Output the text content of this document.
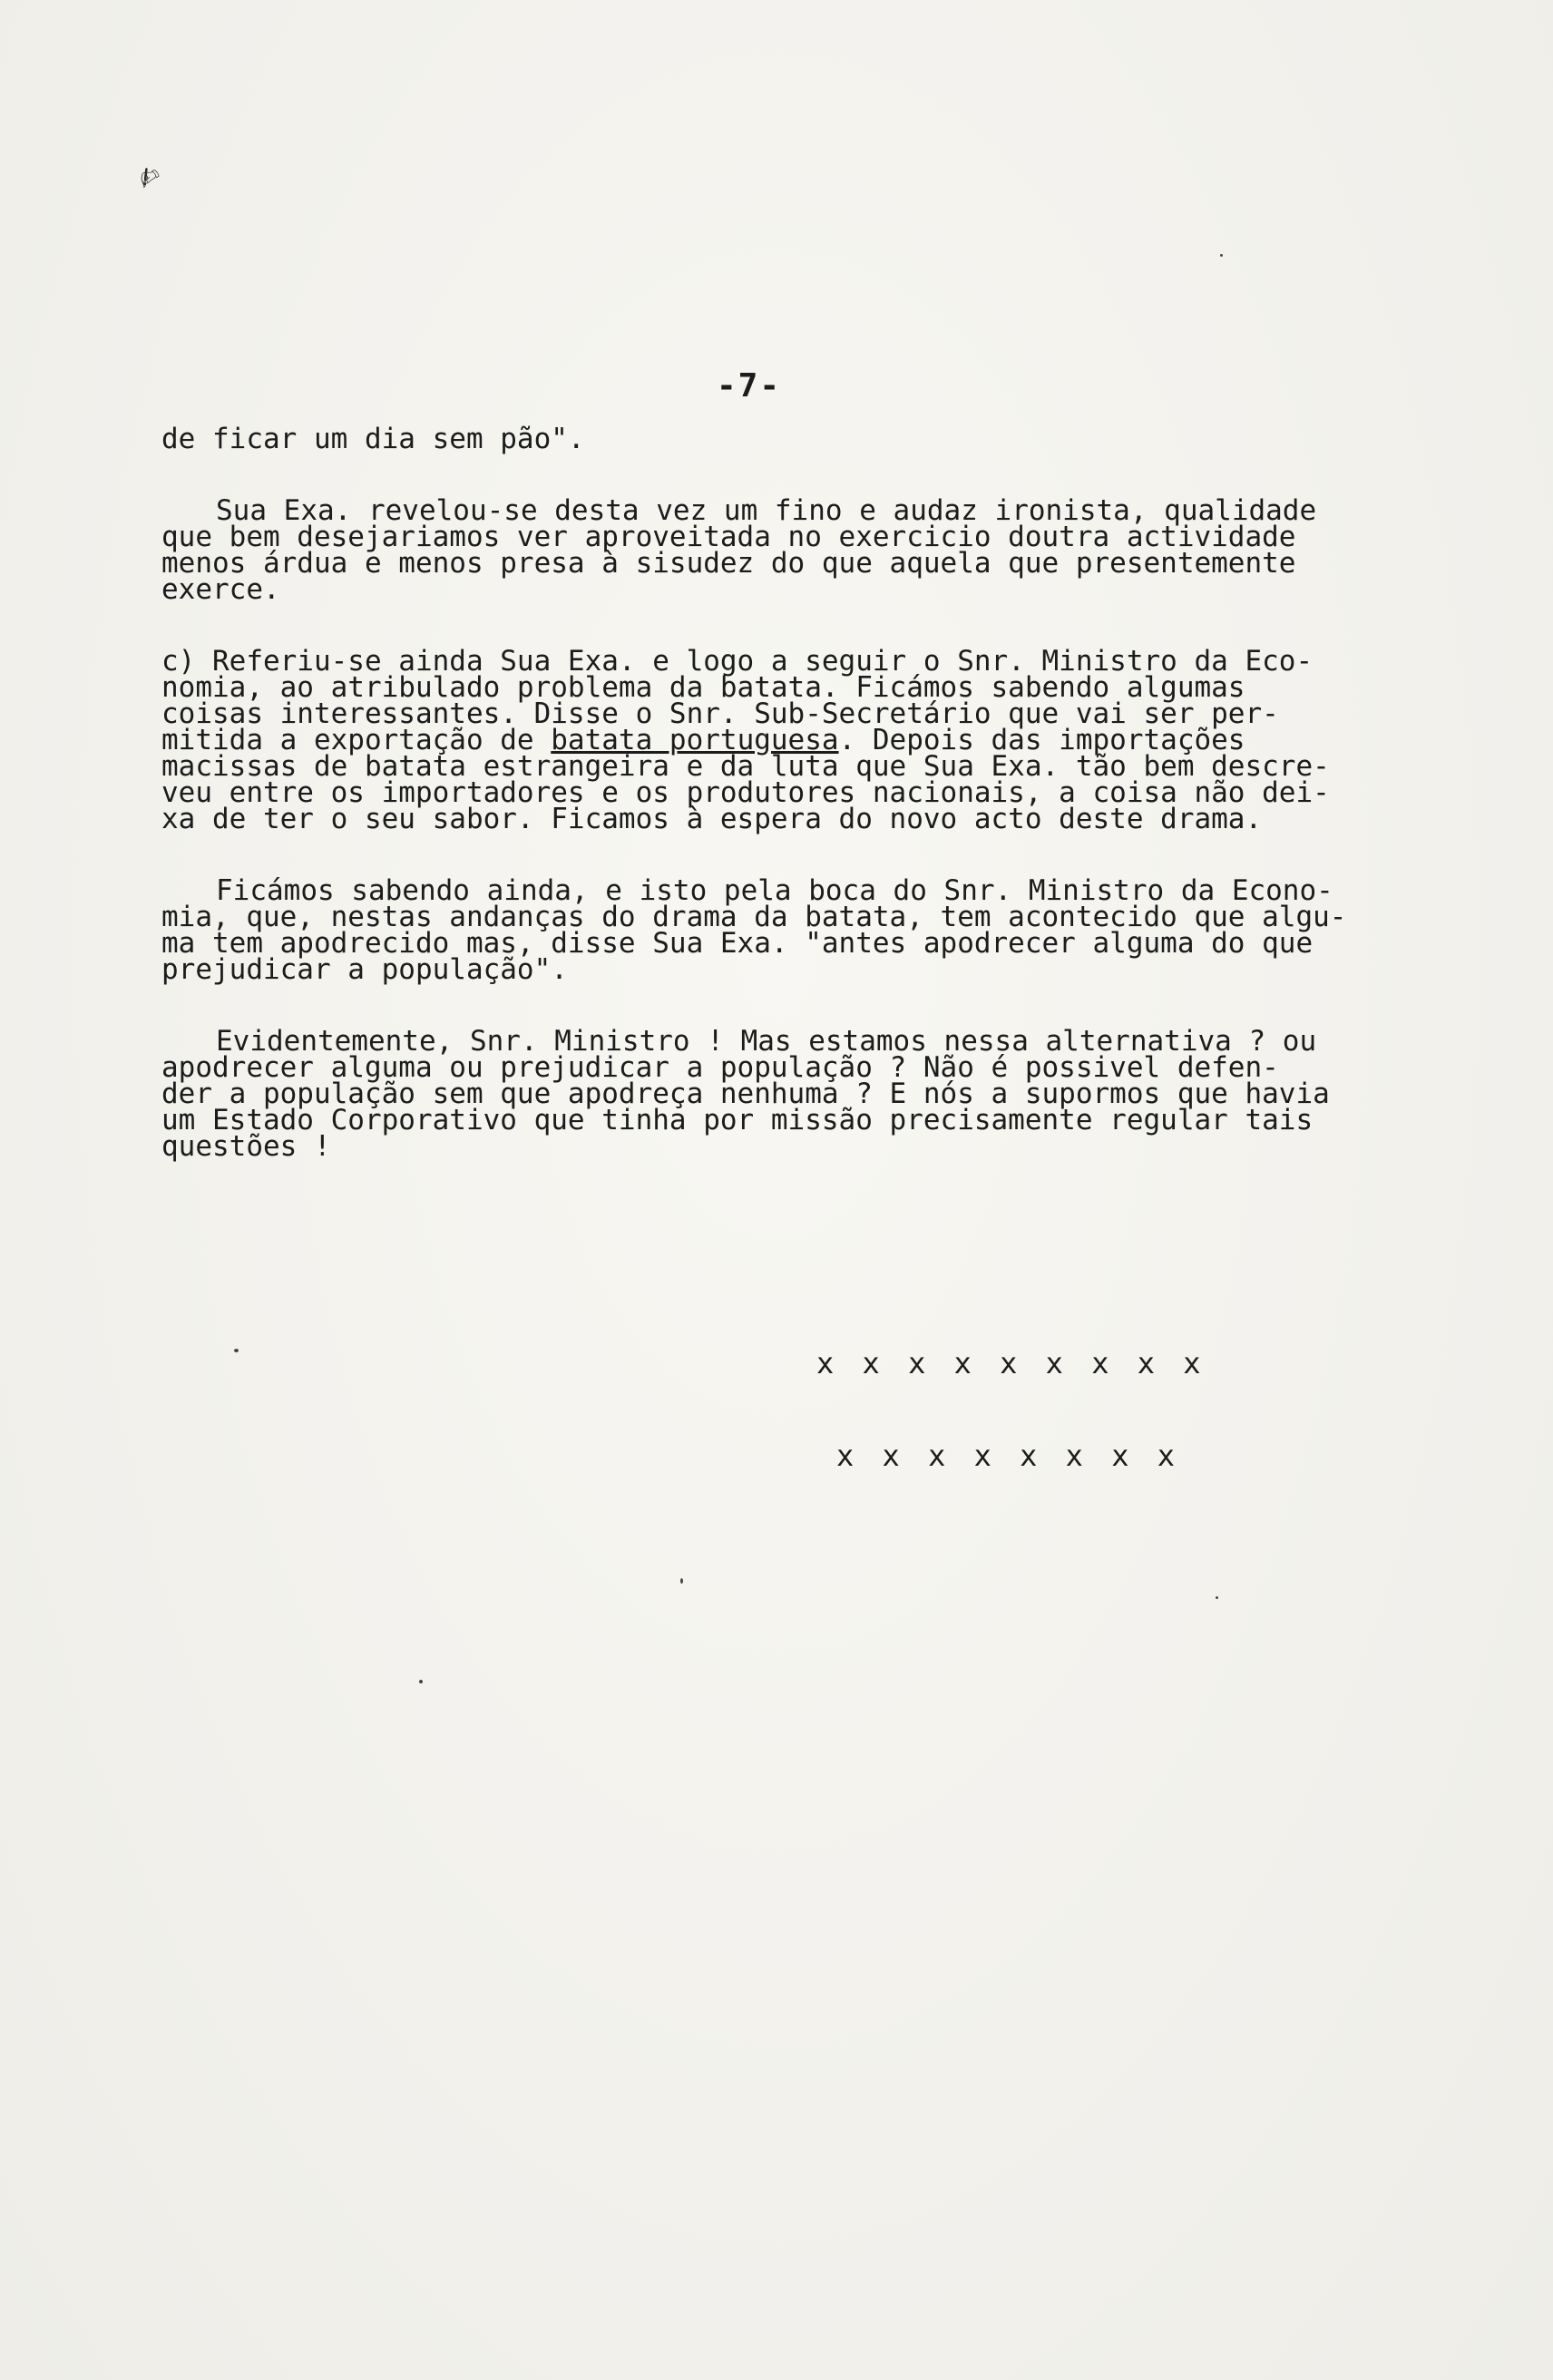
✍
-7-
de ficar um dia sem pão".
Sua Exa. revelou-se desta vez um fino e audaz ironista, qualidade
que bem desejariamos ver aproveitada no exercicio doutra actividade
menos árdua e menos presa à sisudez do que aquela que presentemente
exerce.
c) Referiu-se ainda Sua Exa. e logo a seguir o Snr. Ministro da Eco-
nomia, ao atribulado problema da batata. Ficámos sabendo algumas
coisas interessantes. Disse o Snr. Sub-Secretário que vai ser per-
mitida a exportação de batata portuguesa. Depois das importações
macissas de batata estrangeira e da luta que Sua Exa. tão bem descre-
veu entre os importadores e os produtores nacionais, a coisa não dei-
xa de ter o seu sabor. Ficamos à espera do novo acto deste drama.
Ficámos sabendo ainda, e isto pela boca do Snr. Ministro da Econo-
mia, que, nestas andanças do drama da batata, tem acontecido que algu-
ma tem apodrecido mas, disse Sua Exa. "antes apodrecer alguma do que
prejudicar a população".
Evidentemente, Snr. Ministro ! Mas estamos nessa alternativa ? ou
apodrecer alguma ou prejudicar a população ? Não é possivel defen-
der a população sem que apodreça nenhuma ? E nós a supormos que havia
um Estado Corporativo que tinha por missão precisamente regular tais
questões !

x x x x x x x x x

x x x x x x x x
